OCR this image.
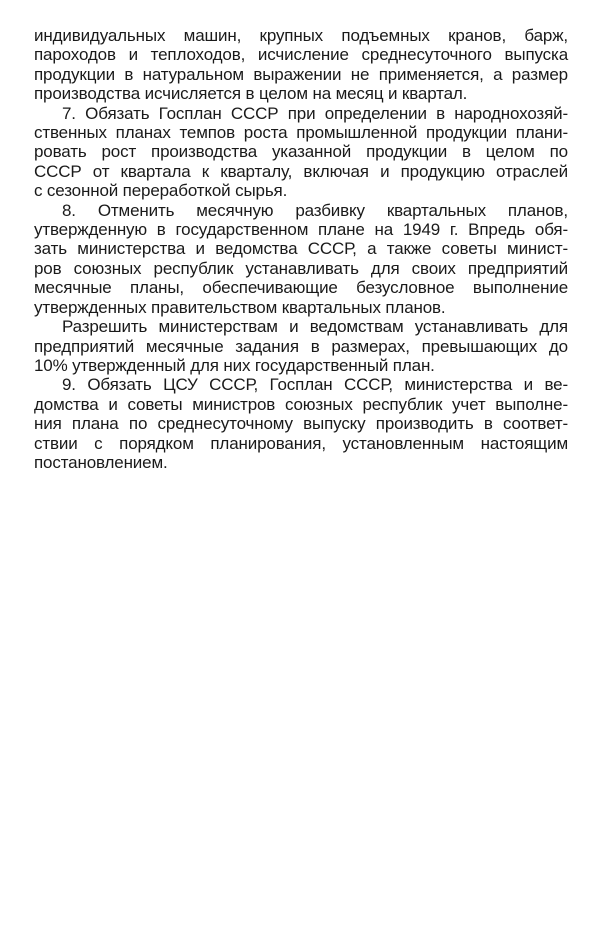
индивидуальных машин, крупных подъемных кранов, барж,
пароходов и теплоходов, исчисление среднесуточного выпуска
продукции в натуральном выражении не применяется, а размер
производства исчисляется в целом на месяц и квартал.
7. Обязать Госплан СССР при определении в народнохозяй-
ственных планах темпов роста промышленной продукции плани-
ровать рост производства указанной продукции в целом по
СССР от квартала к кварталу, включая и продукцию отраслей
с сезонной переработкой сырья.
8. Отменить месячную разбивку квартальных планов,
утвержденную в государственном плане на 1949 г. Впредь обя-
зать министерства и ведомства СССР, а также советы минист-
ров союзных республик устанавливать для своих предприятий
месячные планы, обеспечивающие безусловное выполнение
утвержденных правительством квартальных планов.
Разрешить министерствам и ведомствам устанавливать для
предприятий месячные задания в размерах, превышающих до
10% утвержденный для них государственный план.
9. Обязать ЦСУ СССР, Госплан СССР, министерства и ве-
домства и советы министров союзных республик учет выполне-
ния плана по среднесуточному выпуску производить в соответ-
ствии с порядком планирования, установленным настоящим
постановлением.
